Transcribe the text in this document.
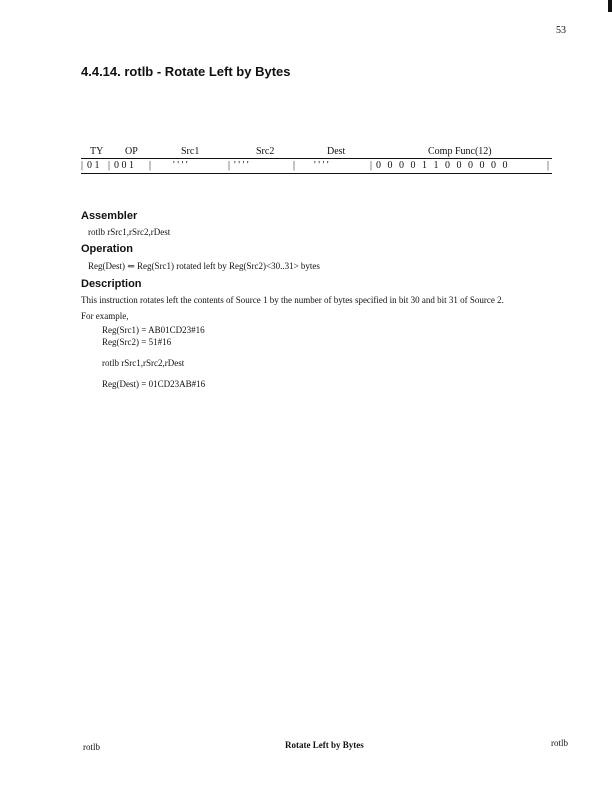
53
4.4.14. rotlb - Rotate Left by Bytes
TY OP	Src1	Src2	Dest	Comp Func(12)
| 0 1 | 0 0 1 | ' ' ' '	| ' ' ' '	| ' ' ' '	| 0 0 0 0 1 1 0 0 0 0 0 0	|
Assembler
rotlb rSrc1,rSrc2,rDest
Operation
Reg(Dest) ⇐ Reg(Src1) rotated left by Reg(Src2)<30..31> bytes
Description
This instruction rotates left the contents of Source 1 by the number of bytes specified in bit 30 and bit 31 of Source 2.
For example,
Reg(Src1) = AB01CD23#16
Reg(Src2) = 51#16
rotlb rSrc1,rSrc2,rDest
Reg(Dest) = 01CD23AB#16
rotlb	Rotate Left by Bytes	rotlb
